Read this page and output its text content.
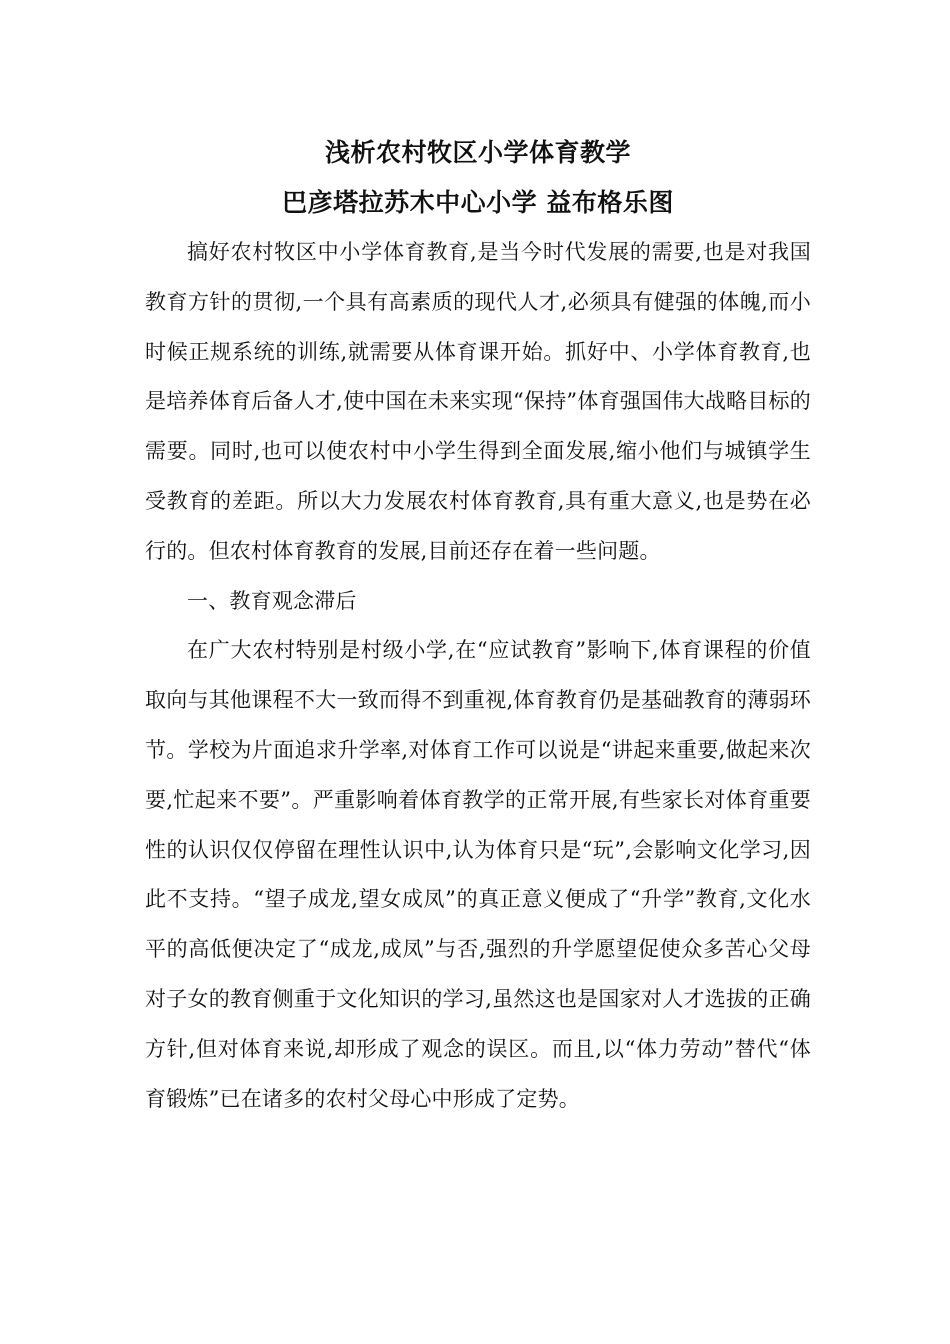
浅析农村牧区小学体育教学
巴彦塔拉苏木中心小学 益布格乐图

搞好农村牧区中小学体育教育,是当今时代发展的需要,也是对我国教育方针的贯彻,一个具有高素质的现代人才,必须具有健强的体魄,而小时候正规系统的训练,就需要从体育课开始。抓好中、小学体育教育,也是培养体育后备人才,使中国在未来实现“保持”体育强国伟大战略目标的需要。同时,也可以使农村中小学生得到全面发展,缩小他们与城镇学生受教育的差距。所以大力发展农村体育教育,具有重大意义,也是势在必行的。但农村体育教育的发展,目前还存在着一些问题。

一、教育观念滞后

在广大农村特别是村级小学,在“应试教育”影响下,体育课程的价值取向与其他课程不大一致而得不到重视,体育教育仍是基础教育的薄弱环节。学校为片面追求升学率,对体育工作可以说是“讲起来重要,做起来次要,忙起来不要”。严重影响着体育教学的正常开展,有些家长对体育重要性的认识仅仅停留在理性认识中,认为体育只是“玩”,会影响文化学习,因此不支持。“望子成龙,望女成凤”的真正意义便成了“升学”教育,文化水平的高低便决定了“成龙,成凤”与否,强烈的升学愿望促使众多苦心父母对子女的教育侧重于文化知识的学习,虽然这也是国家对人才选拔的正确方针,但对体育来说,却形成了观念的误区。而且,以“体力劳动”替代“体育锻炼”已在诸多的农村父母心中形成了定势。
